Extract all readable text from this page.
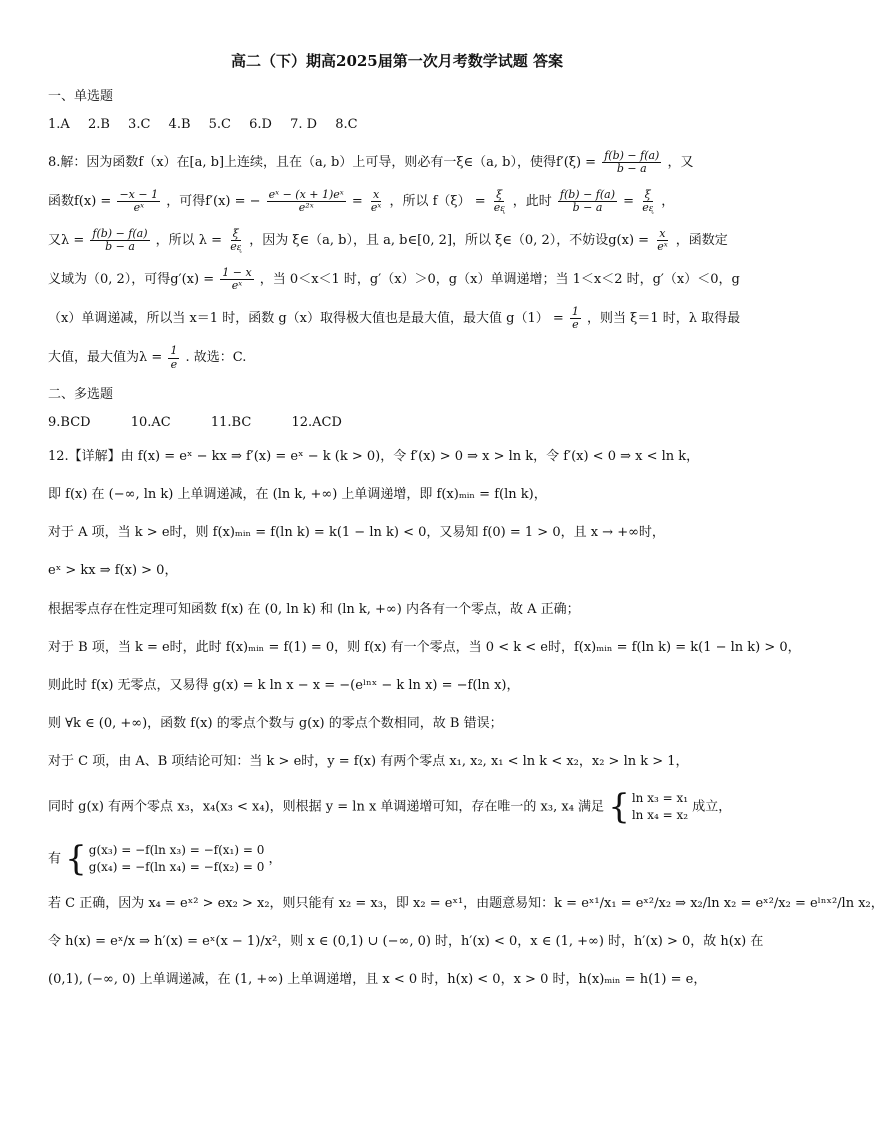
高二（下）期高2025届第一次月考数学试题 答案
一、单选题
1.A 2.B 3.C 4.B 5.C 6.D 7. D 8.C
8.解：因为函数f（x）在[a, b]上连续，且在（a, b）上可导，则必有一ξ∈（a, b），使得$f'(\xi) = \frac{f(b) - f(a)}{b - a}$ ，又
函数$f(x) = \frac{-x - 1}{\text{eˣ}}$ ，可得f′(x) = − $\frac{\text{eˣ − (x + 1)eˣ}}{\text{e²ˣ}} = \frac{x}{\text{eˣ}}$ ，所以 $f(\xi) = \frac{\xi}{\text{eᶓ}}$ ，此时 $\frac{f(b) - f(a)}{b - a} = \frac{\xi}{\text{eᶓ}}$ ，
又$\lambda = \frac{f(b) - f(a)}{b - a}$ ，所以 $\lambda = \frac{\xi}{\text{eᶓ}}$ ，因为 ξ∈（a, b），且 a, b∈[0, 2]，所以 ξ∈（0, 2），不妨设$g(x) = \frac{x}{\text{eˣ}}$ ，函数定
义域为（0, 2），可得$g'(x) = \frac{1 - x}{\text{eˣ}}$ ，当 0＜x＜1 时，g′（x）＞0，g（x）单调递增；当 1＜x＜2 时，g′（x）＜0，g
（x）单调递减，所以当 x＝1 时，函数 g（x）取得极大值也是最大值，最大值 $g(1) = \frac{1}{e}$ ，则当 ξ＝1 时，λ 取得最
大值，最大值为$\lambda = \frac{1}{e}$ . 故选：C.
二、多选题
9.BCD	10.AC	11.BC	12.ACD
12.【详解】由 f(x) = eˣ − kx ⇒ f′(x) = eˣ − k (k > 0)，令 f′(x) > 0 ⇒ x > ln k，令 f′(x) < 0 ⇒ x < ln k，
即 f(x) 在 (−∞, ln k) 上单调递减，在 (ln k, +∞) 上单调递增，即 f(x)ₘᵢₙ = f(ln k)，
对于 A 项，当 k > e时，则 f(x)ₘᵢₙ = f(ln k) = k(1 − ln k) < 0，又易知 f(0) = 1 > 0，且 x → +∞时，
eˣ > kx ⇒ f(x) > 0，
根据零点存在性定理可知函数 f(x) 在 (0, ln k) 和 (ln k, +∞) 内各有一个零点，故 A 正确；
对于 B 项，当 k = e时，此时 f(x)ₘᵢₙ = f(1) = 0，则 f(x) 有一个零点，当 0 < k < e时，f(x)ₘᵢₙ = f(ln k) = k(1 − ln k) > 0，
则此时 f(x) 无零点，又易得 g(x) = k ln x − x = −(eˡⁿˣ − k ln x) = −f(ln x)，
则 ∀k ∈ (0, +∞)，函数 f(x) 的零点个数与 g(x) 的零点个数相同，故 B 错误；
对于 C 项，由 A、B 项结论可知：当 k > e时，y = f(x) 有两个零点 x₁, x₂, x₁ < ln k < x₂，x₂ > ln k > 1，
同时 g(x) 有两个零点 x₃，x₄(x₃ < x₄)，则根据 y = ln x 单调递增可知，存在唯一的 x₃, x₄ 满足 { ln x₃ = x₁
ln x₄ = x₂
成立，
有 { g(x₃) = −f(ln x₃) = −f(x₁) = 0
g(x₄) = −f(ln x₄) = −f(x₂) = 0
，
若 C 正确，因为 x₄ = eˣ² > ex₂ > x₂，则只能有 x₂ = x₃，即 x₂ = eˣ¹，由题意易知：k = eˣ¹/x₁ = eˣ²/x₂ ⇒ x₂/ln x₂ = eˣ²/x₂ = eˡⁿˣ²/ln x₂，
令 h(x) = eˣ/x ⇒ h′(x) = eˣ(x − 1)/x²，则 x ∈ (0,1) ∪ (−∞, 0) 时，h′(x) < 0，x ∈ (1, +∞) 时，h′(x) > 0，故 h(x) 在
(0,1), (−∞, 0) 上单调递减，在 (1, +∞) 上单调递增，且 x < 0 时，h(x) < 0，x > 0 时，h(x)ₘᵢₙ = h(1) = e，
